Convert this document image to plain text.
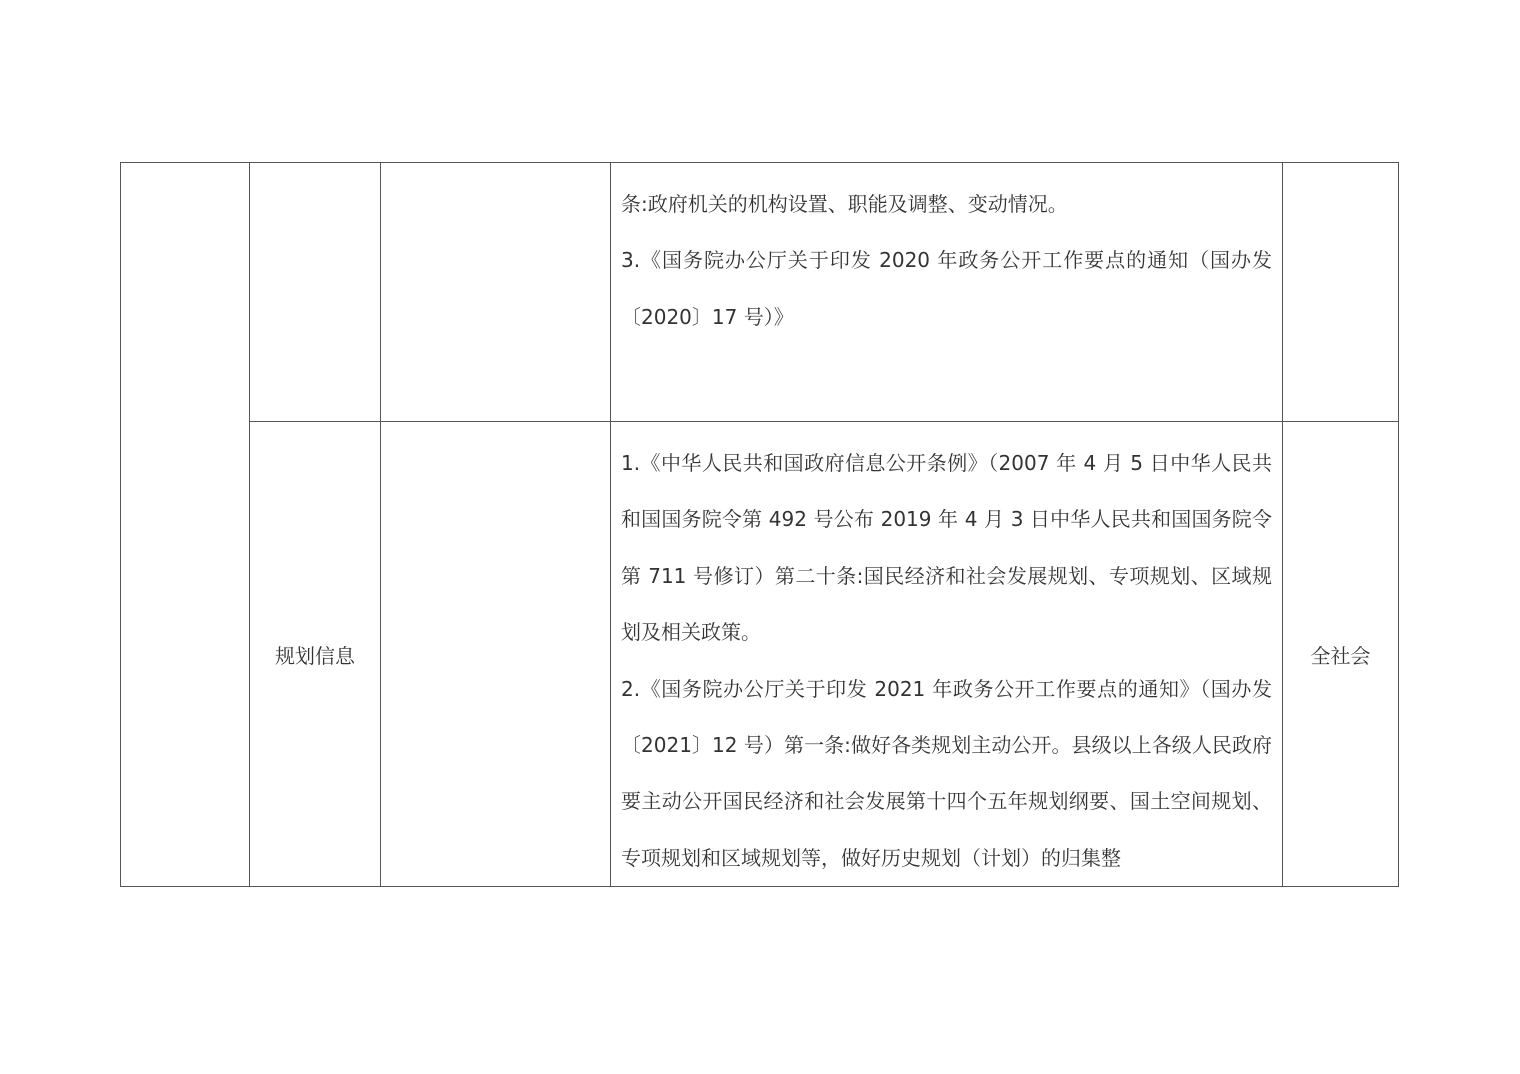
			条:政府机关的机构设置、职能及调整、变动情况。

3.《国务院办公厅关于印发 2020 年政务公开工作要点的通知（国办发〔2020〕17 号）》	

	规划信息		1.《中华人民共和国政府信息公开条例》（2007 年 4 月 5 日中华人民共和国国务院令第 492 号公布 2019 年 4 月 3 日中华人民共和国国务院令第 711 号修订）第二十条:国民经济和社会发展规划、专项规划、区域规划及相关政策。

2.《国务院办公厅关于印发 2021 年政务公开工作要点的通知》（国办发〔2021〕12 号）第一条:做好各类规划主动公开。县级以上各级人民政府要主动公开国民经济和社会发展第十四个五年规划纲要、国土空间规划、专项规划和区域规划等，做好历史规划（计划）的归集整	全社会
